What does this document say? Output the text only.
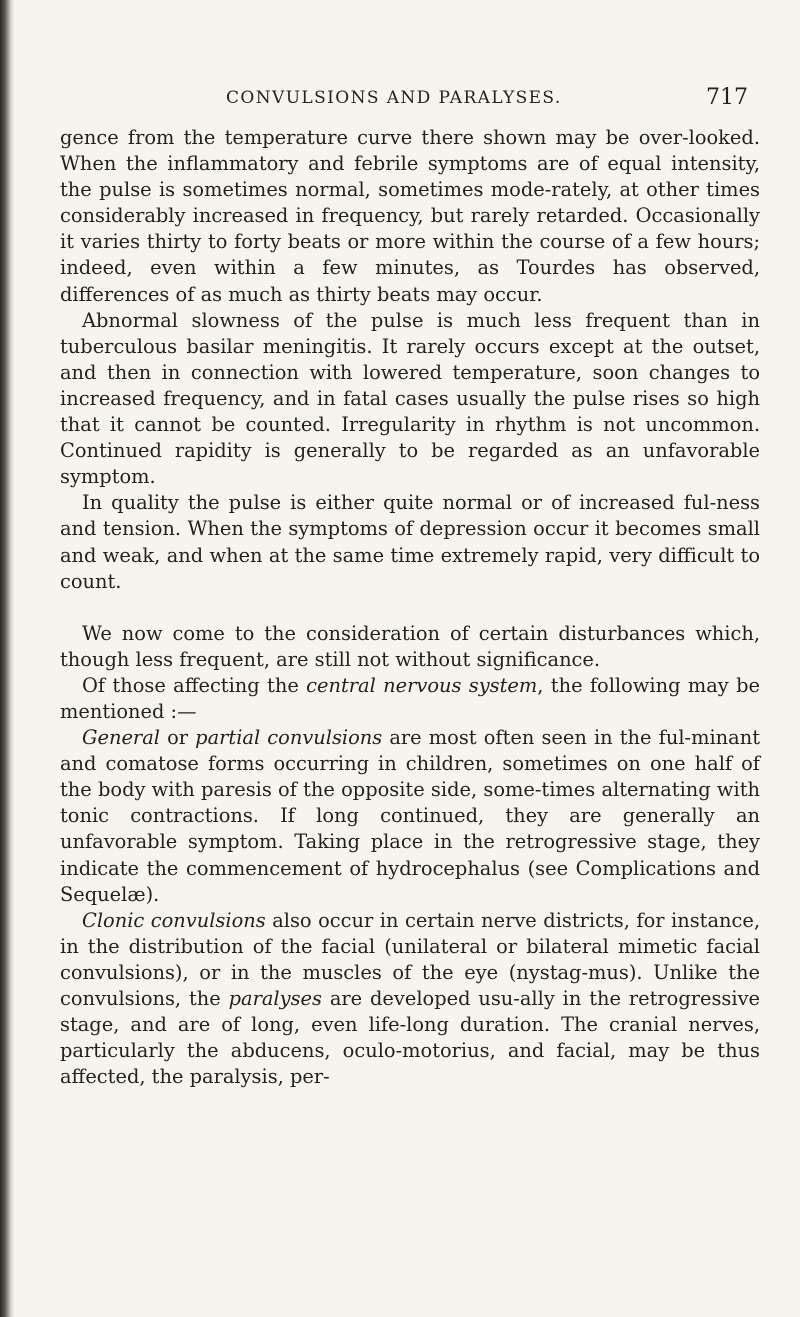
CONVULSIONS AND PARALYSES.	717

gence from the temperature curve there shown may be over-looked. When the inflammatory and febrile symptoms are of equal intensity, the pulse is sometimes normal, sometimes mode-rately, at other times considerably increased in frequency, but rarely retarded. Occasionally it varies thirty to forty beats or more within the course of a few hours; indeed, even within a few minutes, as Tourdes has observed, differences of as much as thirty beats may occur.

Abnormal slowness of the pulse is much less frequent than in tuberculous basilar meningitis. It rarely occurs except at the outset, and then in connection with lowered temperature, soon changes to increased frequency, and in fatal cases usually the pulse rises so high that it cannot be counted. Irregularity in rhythm is not uncommon. Continued rapidity is generally to be regarded as an unfavorable symptom.

In quality the pulse is either quite normal or of increased ful-ness and tension. When the symptoms of depression occur it becomes small and weak, and when at the same time extremely rapid, very difficult to count.

We now come to the consideration of certain disturbances which, though less frequent, are still not without significance.

Of those affecting the central nervous system, the following may be mentioned :—

General or partial convulsions are most often seen in the ful-minant and comatose forms occurring in children, sometimes on one half of the body with paresis of the opposite side, some-times alternating with tonic contractions. If long continued, they are generally an unfavorable symptom. Taking place in the retrogressive stage, they indicate the commencement of hydrocephalus (see Complications and Sequelæ).

Clonic convulsions also occur in certain nerve districts, for instance, in the distribution of the facial (unilateral or bilateral mimetic facial convulsions), or in the muscles of the eye (nystag-mus). Unlike the convulsions, the paralyses are developed usu-ally in the retrogressive stage, and are of long, even life-long duration. The cranial nerves, particularly the abducens, oculo-motorius, and facial, may be thus affected, the paralysis, per-
